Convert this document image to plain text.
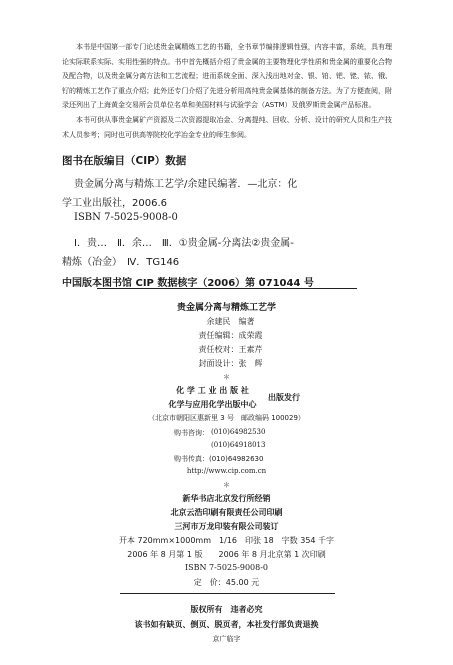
本书是中国第一部专门论述贵金属精炼工艺的书籍，全书章节编排逻辑性强，内容丰富，系统，具有理论实际联系实际、实用性强的特点。书中首先概括介绍了贵金属的主要物理化学性质和贵金属的重要化合物及配合物，以及贵金属分离方法和工艺流程；进而系统全面、深入浅出地对金、银、铂、钯、铑、铱、锇、钌的精炼工艺作了重点介绍；此外还专门介绍了先进分析用高纯贵金属基体的制备方法。为了方便查阅，附录还列出了上海黄金交易所会员单位名单和美国材料与试验学会（ASTM）及俄罗斯贵金属产品标准。

本书可供从事贵金属矿产资源及二次资源提取冶金、分离提纯、回收、分析、设计的研究人员和生产技术人员参考；同时也可供高等院校化学冶金专业的师生参阅。

图书在版编目（CIP）数据
贵金属分离与精炼工艺学/余建民编著．—北京：化
学工业出版社，2006.6
ISBN 7-5025-9008-0
Ⅰ．贵…　Ⅱ．余…　Ⅲ．①贵金属-分离法②贵金属-
精炼（冶金）　Ⅳ．TG146
中国版本图书馆 CIP 数据核字（2006）第 071044 号
贵金属分离与精炼工艺学
余建民　编著
责任编辑：成荣霞
责任校对：王素芹
封面设计：张　辉
＊
化 学 工 业 出 版 社
化学与应用化学出版中心
出版发行
（北京市朝阳区惠新里 3 号　邮政编码 100029）
购书咨询： (010)64982530
(010)64918013
购书传真：(010)64982630
http://www.cip.com.cn
＊
新华书店北京发行所经销
北京云浩印刷有限责任公司印刷
三河市万龙印装有限公司装订
开本 720mm×1000mm　1/16　印张 18　字数 354 千字
2006 年 8 月第 1 版　　2006 年 8 月北京第 1 次印刷
ISBN 7-5025-9008-0
定　价：45.00 元
版权所有　违者必究
该书如有缺页、倒页、脱页者，本社发行部负责退换
京广临字
